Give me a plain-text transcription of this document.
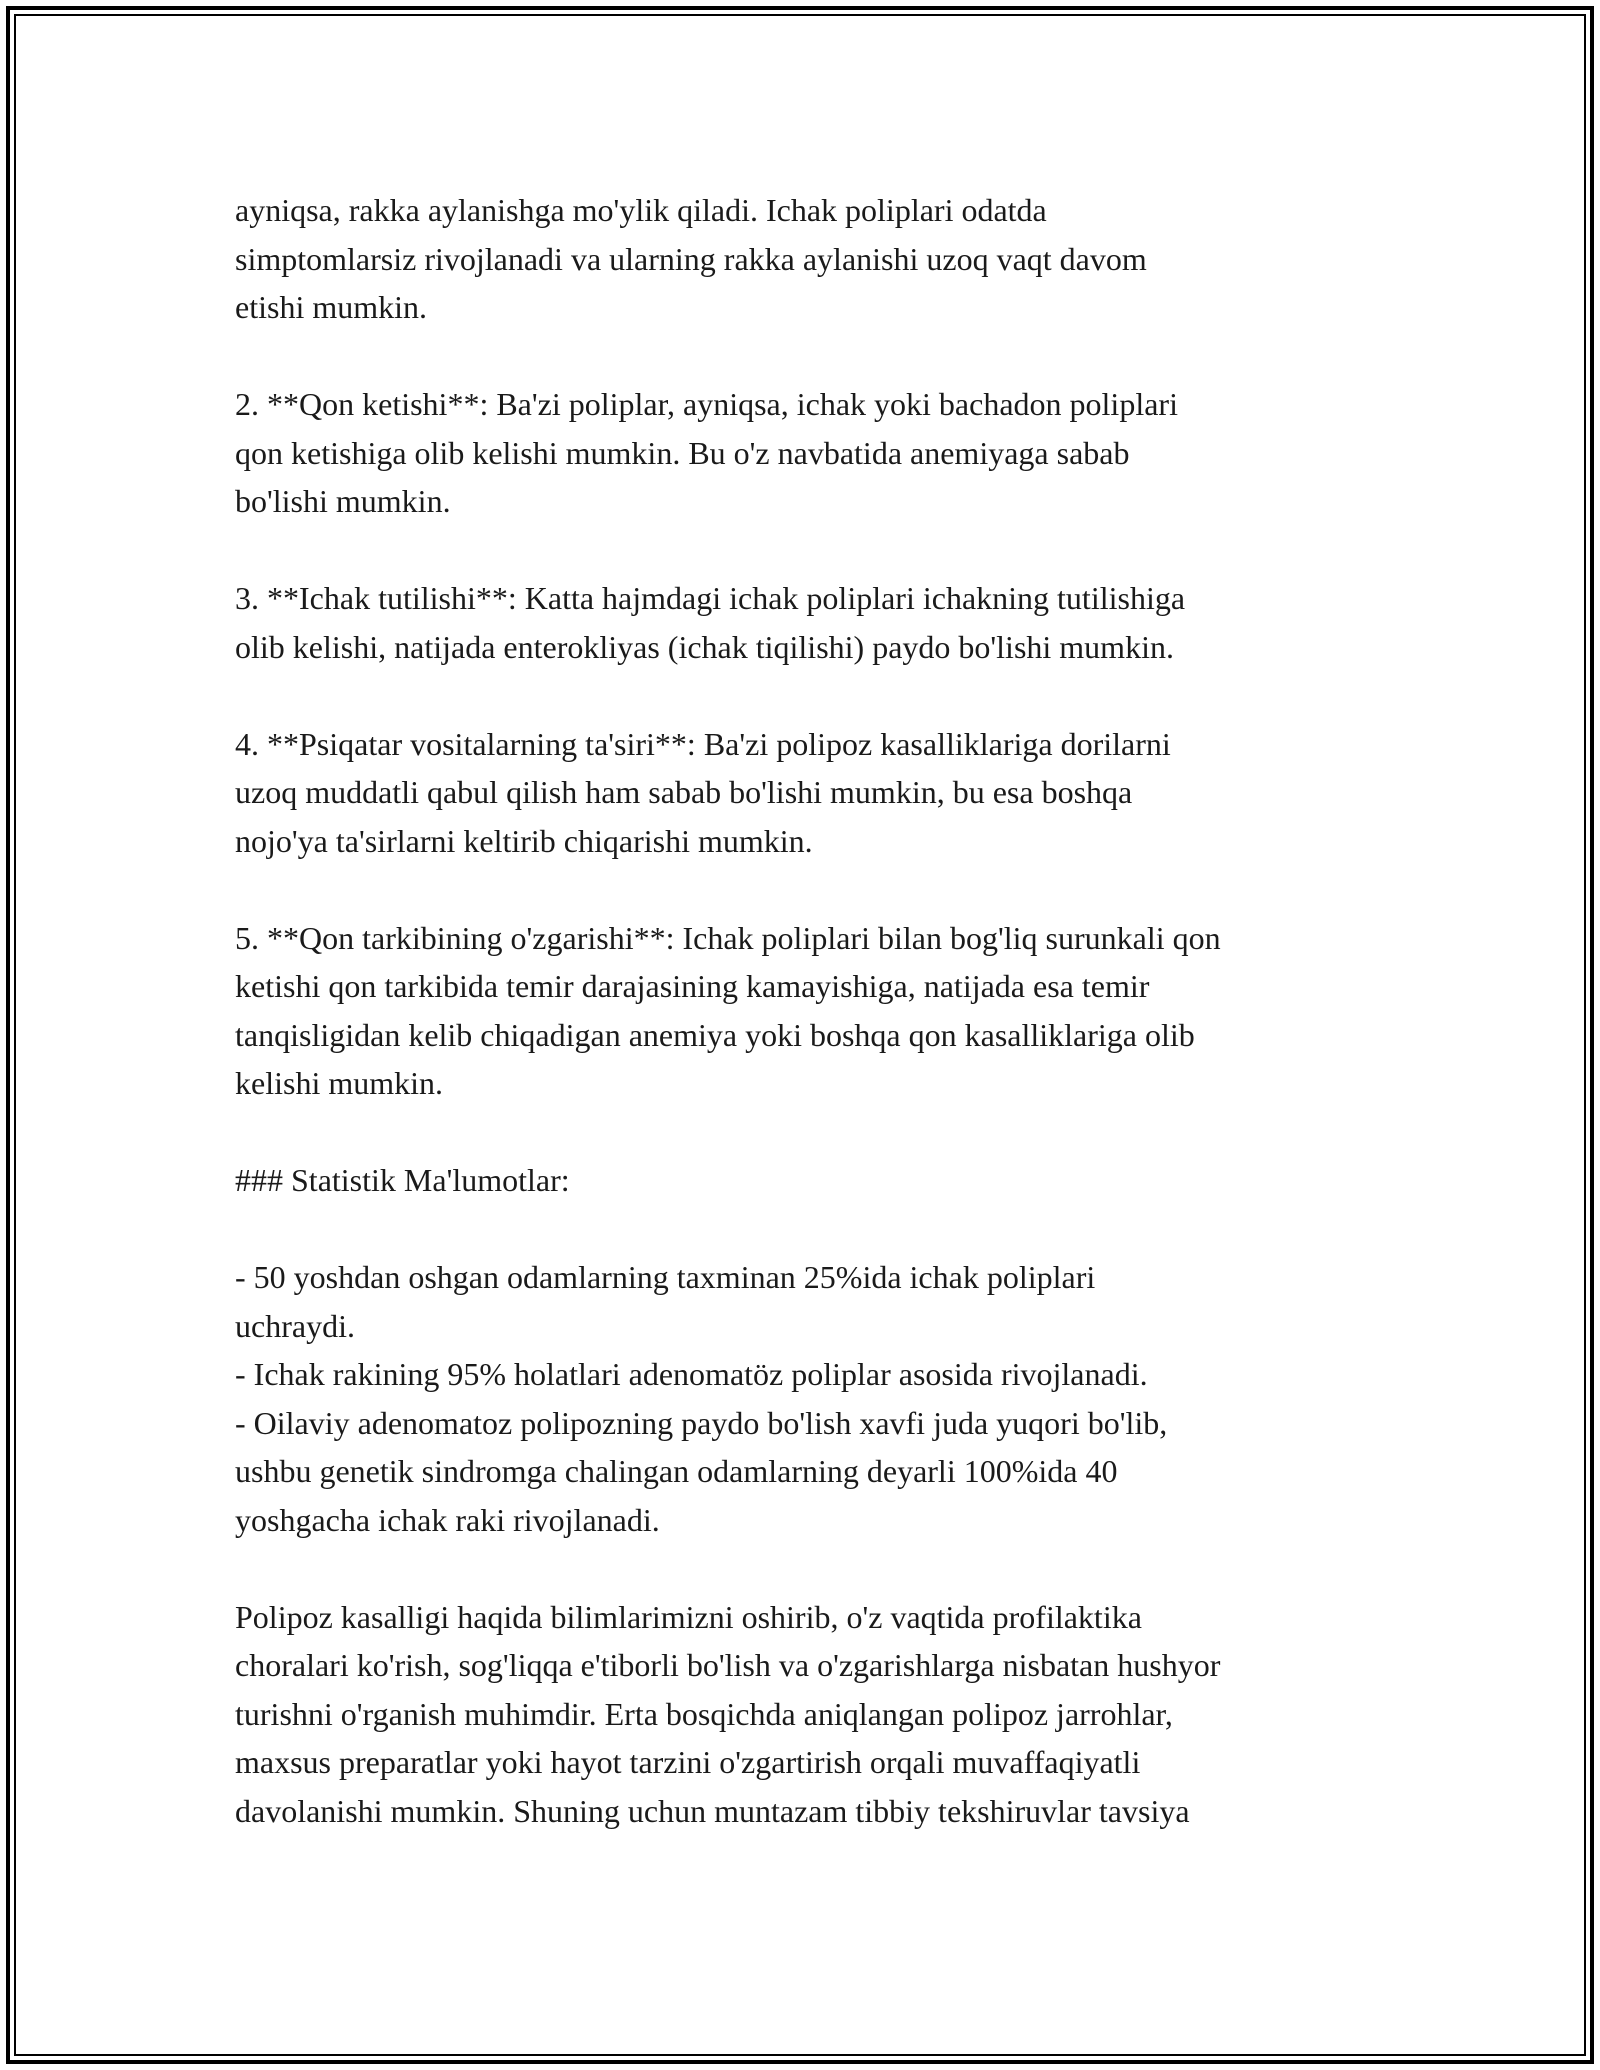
ayniqsa, rakka aylanishga mo'ylik qiladi. Ichak poliplari odatda
simptomlarsiz rivojlanadi va ularning rakka aylanishi uzoq vaqt davom
etishi mumkin.

2. **Qon ketishi**: Ba'zi poliplar, ayniqsa, ichak yoki bachadon poliplari
qon ketishiga olib kelishi mumkin. Bu o'z navbatida anemiyaga sabab
bo'lishi mumkin.

3. **Ichak tutilishi**: Katta hajmdagi ichak poliplari ichakning tutilishiga
olib kelishi, natijada enterokliyas (ichak tiqilishi) paydo bo'lishi mumkin.

4. **Psiqatar vositalarning ta'siri**: Ba'zi polipoz kasalliklariga dorilarni
uzoq muddatli qabul qilish ham sabab bo'lishi mumkin, bu esa boshqa
nojo'ya ta'sirlarni keltirib chiqarishi mumkin.

5. **Qon tarkibining o'zgarishi**: Ichak poliplari bilan bog'liq surunkali qon
ketishi qon tarkibida temir darajasining kamayishiga, natijada esa temir
tanqisligidan kelib chiqadigan anemiya yoki boshqa qon kasalliklariga olib
kelishi mumkin.

### Statistik Ma'lumotlar:

- 50 yoshdan oshgan odamlarning taxminan 25%ida ichak poliplari
uchraydi.
- Ichak rakining 95% holatlari adenomatöz poliplar asosida rivojlanadi.
- Oilaviy adenomatoz polipozning paydo bo'lish xavfi juda yuqori bo'lib,
ushbu genetik sindromga chalingan odamlarning deyarli 100%ida 40
yoshgacha ichak raki rivojlanadi.

Polipoz kasalligi haqida bilimlarimizni oshirib, o'z vaqtida profilaktika
choralari ko'rish, sog'liqqa e'tiborli bo'lish va o'zgarishlarga nisbatan hushyor
turishni o'rganish muhimdir. Erta bosqichda aniqlangan polipoz jarrohlar,
maxsus preparatlar yoki hayot tarzini o'zgartirish orqali muvaffaqiyatli
davolanishi mumkin. Shuning uchun muntazam tibbiy tekshiruvlar tavsiya
